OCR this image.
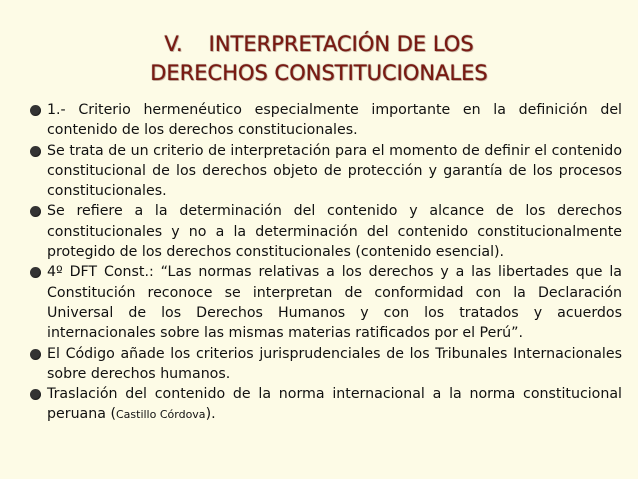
V. INTERPRETACIÓN DE LOS
DERECHOS CONSTITUCIONALES
1.- Criterio hermenéutico especialmente importante en la definición del contenido de los derechos constitucionales.
Se trata de un criterio de interpretación para el momento de definir el contenido constitucional de los derechos objeto de protección y garantía de los procesos constitucionales.
Se refiere a la determinación del contenido y alcance de los derechos constitucionales y no a la determinación del contenido constitucionalmente protegido de los derechos constitucionales (contenido esencial).
4º DFT Const.: “Las normas relativas a los derechos y a las libertades que la Constitución reconoce se interpretan de conformidad con la Declaración Universal de los Derechos Humanos y con los tratados y acuerdos internacionales sobre las mismas materias ratificados por el Perú”.
El Código añade los criterios jurisprudenciales de los Tribunales Internacionales sobre derechos humanos.
Traslación del contenido de la norma internacional a la norma constitucional peruana (Castillo Córdova).
